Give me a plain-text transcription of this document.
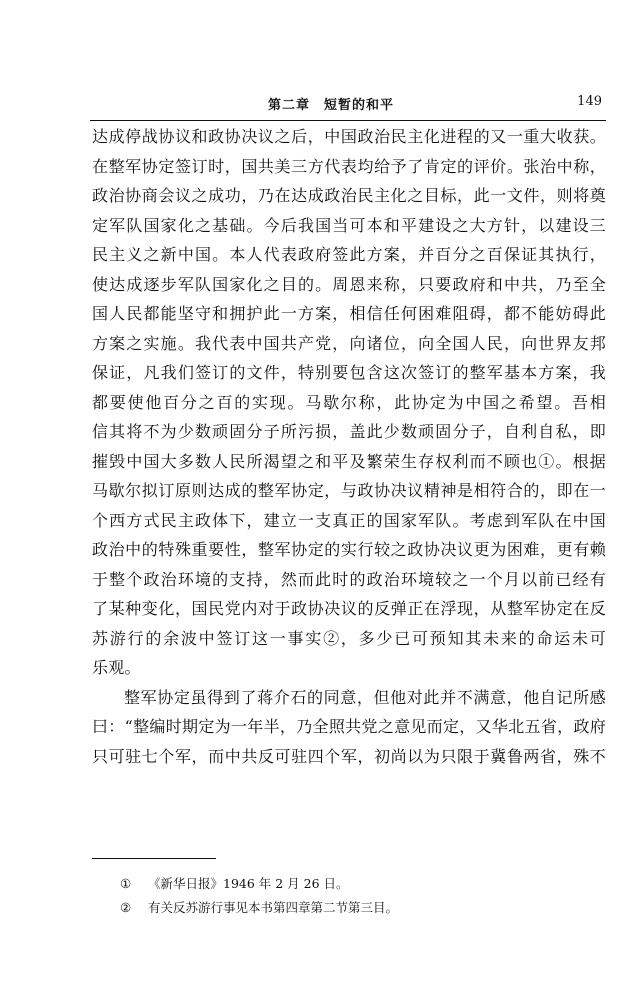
第二章　短暂的和平	149
达成停战协议和政协决议之后，中国政治民主化进程的又一重大收获。
在整军协定签订时，国共美三方代表均给予了肯定的评价。张治中称，
政治协商会议之成功，乃在达成政治民主化之目标，此一文件，则将奠
定军队国家化之基础。今后我国当可本和平建设之大方针，以建设三
民主义之新中国。本人代表政府签此方案，并百分之百保证其执行，
使达成逐步军队国家化之目的。周恩来称，只要政府和中共，乃至全
国人民都能坚守和拥护此一方案，相信任何困难阻碍，都不能妨碍此
方案之实施。我代表中国共产党，向诸位，向全国人民，向世界友邦
保证，凡我们签订的文件，特别要包含这次签订的整军基本方案，我
都要使他百分之百的实现。马歇尔称，此协定为中国之希望。吾相
信其将不为少数顽固分子所污损，盖此少数顽固分子，自利自私，即
摧毁中国大多数人民所渴望之和平及繁荣生存权利而不顾也①。根据
马歇尔拟订原则达成的整军协定，与政协决议精神是相符合的，即在一
个西方式民主政体下，建立一支真正的国家军队。考虑到军队在中国
政治中的特殊重要性，整军协定的实行较之政协决议更为困难，更有赖
于整个政治环境的支持，然而此时的政治环境较之一个月以前已经有
了某种变化，国民党内对于政协决议的反弹正在浮现，从整军协定在反
苏游行的余波中签订这一事实②，多少已可预知其未来的命运未可
乐观。
整军协定虽得到了蒋介石的同意，但他对此并不满意，他自记所感
曰：“整编时期定为一年半，乃全照共党之意见而定，又华北五省，政府
只可驻七个军，而中共反可驻四个军，初尚以为只限于冀鲁两省，殊不
① 《新华日报》1946 年 2 月 26 日。
② 有关反苏游行事见本书第四章第二节第三目。
